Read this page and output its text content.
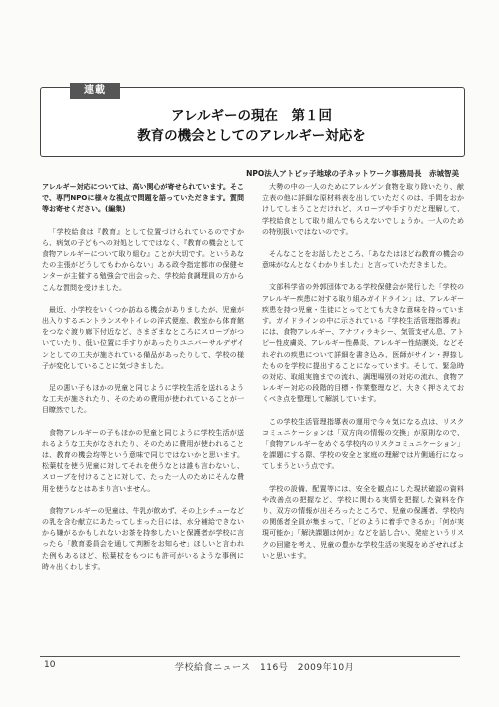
連載
アレルギーの現在　第１回
教育の機会としてのアレルギー対応を
NPO法人アトピッ子地球の子ネットワーク事務局長　赤城智美

アレルギー対応については、高い関心が寄せられています。そこで、専門NPOに様々な視点で問題を語っていただきます。質問等お寄せください。(編集)

「学校給食は『教育』として位置づけられているのですから、病気の子どもへの対処としてではなく、『教育の機会として食物アレルギーについて取り組む』ことが大切です。というあなたの主張がどうしてもわからない」ある政令指定都市の保健センターが主催する勉強会で出会った、学校給食調理員の方からこんな質問を受けました。

最近、小学校をいくつか訪ねる機会がありましたが、児童が出入りするエントランスやトイレの洋式便座、教室から体育館をつなぐ渡り廊下付近など、さまざまなところにスロープがついていたり、低い位置に手すりがあったりユニバーサルデザインとしての工夫が施されている備品があったりして、学校の様子が変化していることに気づきました。

足の悪い子もほかの児童と同じように学校生活を送れるような工夫が施されたり、そのための費用が使われていることが一目瞭然でした。

食物アレルギーの子もほかの児童と同じように学校生活が送れるような工夫がなされたり、そのために費用が使われることは、教育の機会均等という意味で同じではないかと思います。松葉杖を使う児童に対してそれを使うなとは誰も言わないし、スロープを付けることに対して、たった一人のためにそんな費用を使うなとはあまり言いません。

食物アレルギーの児童は、牛乳が飲めず、その上シチューなどの乳を含む献立にあたってしまった日には、水分補給できないから嫌がるかもしれないお茶を持参したいと保護者が学校に言ったら「教育委員会を通して判断をお知らせ」ほしいと言われた例もあるほど、松葉杖をもつにも許可がいるような事例に時々出くわします。

大勢の中の一人のためにアレルゲン食物を取り除いたり、献立表の他に詳細な原材料表を出していただくのは、手間をおかけしてしまうことだけれど、スロープや手すりだと理解して、学校給食として取り組んでもらえないでしょうか。一人のための特別扱いではないのです。

そんなことをお話したところ、「あなたはほどね教育の機会の意味がなんとなくわかりました」と言っていただきました。

文部科学省の外郭団体である学校保健会が発行した「学校のアレルギー疾患に対する取り組みガイドライン」は、アレルギー疾患を持つ児童・生徒にとってとても大きな意味を持っています。ガイドラインの中に示されている『学校生活管理指導表』には、食物アレルギー、アナフィラキシー、気管支ぜん息、アトピー性皮膚炎、アレルギー性鼻炎、アレルギー性結膜炎、などそれぞれの疾患について詳細を書き込み、医師がサイン・押捺したものを学校に提出することになっています。そして、緊急時の対応、取組実施までの流れ、調理場別の対応の流れ、食物アレルギー対応の段階的目標・作業整理など、大きく押さえておくべき点を整理して解説しています。

この学校生活管理指導表の運用で今々気になる点は、リスクコミュニケーションは「双方向の情報の交換」が原則なので、「食物アレルギーをめぐる学校内のリスクコミュニケーション」を課題にする際、学校の安全と家庭の理解では片側通行になってしまうという点です。

学校の設備、配置等には、安全を観点にした現状確認の資料や改善点の把握など、学校に関わる実情を把握した資料を作り、双方の情報が出そろったところで、児童の保護者、学校内の関係者全員が集まって、「どのように着手できるか」「何が実現可能か」「解決課題は何か」などを話し合い、発症というリスクの回避を考え、児童の豊かな学校生活の実現をめざせればよいと思います。

10	学校給食ニュース　116号　2009年10月
